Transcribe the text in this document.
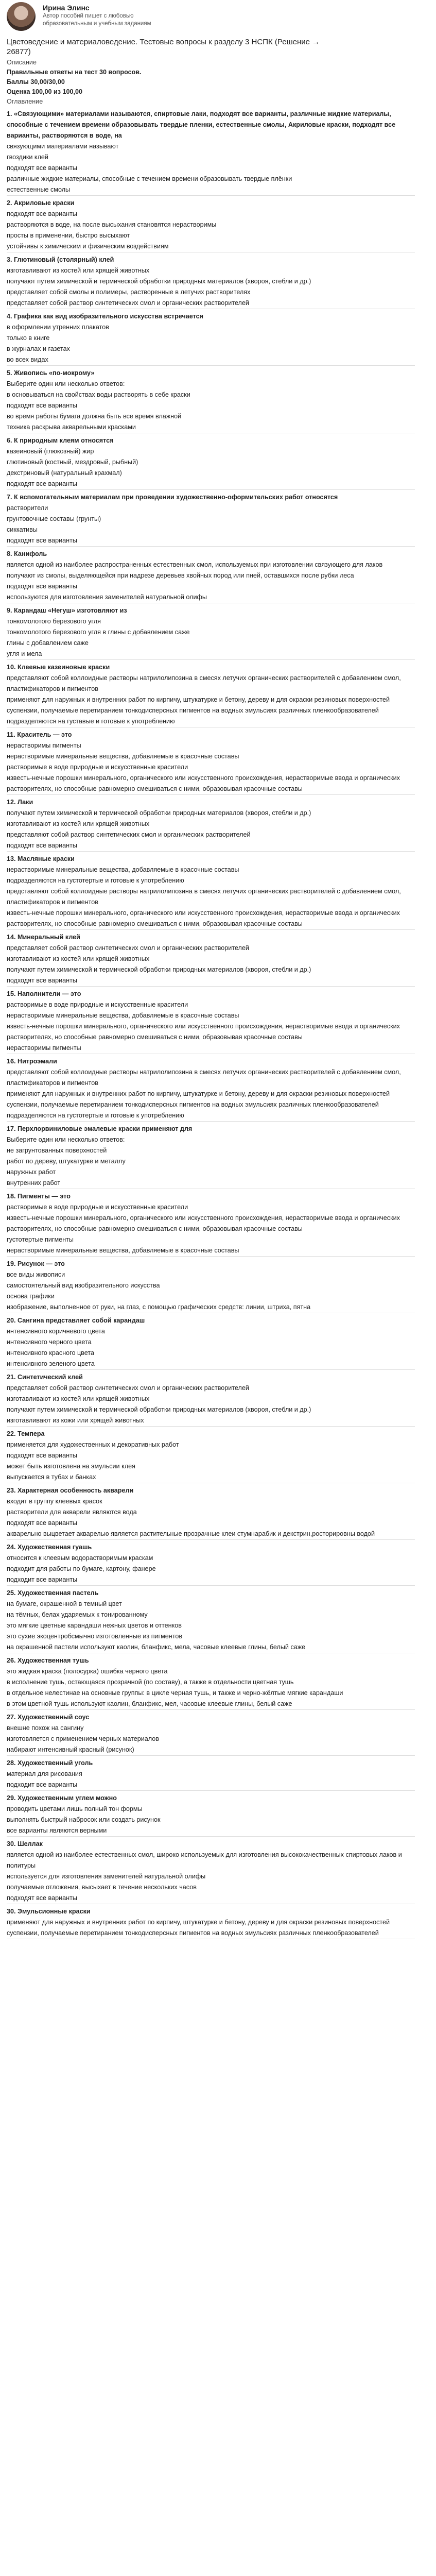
Ирина Элинс
Автор пособий пишет с любовью образовательным и учебным заданиям
Цветоведение и материаловедение. Тестовые вопросы к разделу 3 НСПК (Решение → 26877)
Описание
Правильные ответы на тест 30 вопросов.
Баллы 30,00/30,00
Оценка 100,00 из 100,00
Оглавление
1. «Связующими» материалами называются, спиртовые лаки, подходят все варианты, различные жидкие материалы, способные с течением времени образовывать твердые пленки, естественные смолы, Акриловые краски, подходят все варианты, растворяются в воде, на
связующими материалами называют
гвоздики клей
подходят все варианты
различные жидкие материалы, способные с течением времени образовывать твердые плёнки
естественные смолы
2. Акриловые краски
подходят все варианты
растворяются в воде, на после высыхания становятся нерастворимы
просты в применении, быстро высыхают
устойчивы к химическим и физическим воздействиям
3. Глютиновый (столярный) клей
изготавливают из костей или хрящей животных
получают путем химической и термической обработки природных материалов (хвороя, стебли и др.)
представляет собой смолы и полимеры, растворенные в летучих растворителях
представляет собой раствор синтетических смол и органических растворителей
4. Графика как вид изобразительного искусства встречается
в оформлении утренних плакатов
только в книге
в журналах и газетах
во всех видах
5. Живопись «по-мокрому»
Выберите один или несколько ответов:
в основываться на свойствах воды растворять в себе краски
подходят все варианты
во время работы бумага должна быть все время влажной
техника раскрыва акварельными красками
6. К природным клеям относятся
казеиновый (глюкозный) жир
глютиновый (костный, мездровый, рыбный)
декстриновый (натуральный крахмал)
подходят все варианты
7. К вспомогательным материалам при проведении художественно-оформительских работ относятся
растворители
грунтовочные составы (грунты)
сиккативы
подходят все варианты
8. Канифоль
является одной из наиболее распространенных естественных смол, используемых при изготовлении связующего для лаков
получают из смолы, выделяющейся при надрезе деревьев хвойных пород или пней, оставшихся после рубки леса
подходят все варианты
используются для изготовления заменителей натуральной олифы
9. Карандаш «Негуш» изготовляют из
тонкомолотого березового угля
тонкомолотого березового угля в глины с добавлением саже
глины с добавлением саже
угля и мела
10. Клеевые казеиновые краски
представляют собой коллоидные растворы натрилолипозина в смесях летучих органических растворителей с добавлением смол, пластификаторов и пигментов
применяют для наружных и внутренних работ по кирпичу, штукатурке и бетону, дереву и для окраски резиновых поверхностей
суспензии, получаемые перетиранием тонкодисперсных пигментов на водных эмульсиях различных пленкообразователей
подразделяются на густавые и готовые к употреблению
11. Краситель — это
нерастворимы пигменты
нерастворимые минеральные вещества, добавляемые в красочные составы
растворимые в воде природные и искусственные красители
известь-нечные порошки минерального, органического или искусственного происхождения, нерастворимые ввода и органических растворителях, но способные равномерно смешиваться с ними, образовывая красочные составы
12. Лаки
получают путем химической и термической обработки природных материалов (хвороя, стебли и др.)
изготавливают из костей или хрящей животных
представляют собой раствор синтетических смол и органических растворителей
подходят все варианты
13. Масляные краски
нерастворимые минеральные вещества, добавляемые в красочные составы
подразделяются на густотертые и готовые к употреблению
представляют собой коллоидные растворы натрилолипозина в смесях летучих органических растворителей с добавлением смол, пластификаторов и пигментов
известь-нечные порошки минерального, органического или искусственного происхождения, нерастворимые ввода и органических растворителях, но способные равномерно смешиваться с ними, образовывая красочные составы
14. Минеральный клей
представляет собой раствор синтетических смол и органических растворителей
изготавливают из костей или хрящей животных
получают путем химической и термической обработки природных материалов (хвороя, стебли и др.)
подходят все варианты
15. Наполнители — это
растворимые в воде природные и искусственные красители
нерастворимые минеральные вещества, добавляемые в красочные составы
известь-нечные порошки минерального, органического или искусственного происхождения, нерастворимые ввода и органических растворителях, но способные равномерно смешиваться с ними, образовывая красочные составы
нерастворимы пигменты
16. Нитроэмали
представляют собой коллоидные растворы натрилолипозина в смесях летучих органических растворителей с добавлением смол, пластификаторов и пигментов
применяют для наружных и внутренних работ по кирпичу, штукатурке и бетону, дереву и для окраски резиновых поверхностей
суспензии, получаемые перетиранием тонкодисперсных пигментов на водных эмульсиях различных пленкообразователей
подразделяются на густотертые и готовые к употреблению
17. Перхлорвиниловые эмалевые краски применяют для
Выберите один или несколько ответов:
не загрунтованных поверхностей
работ по дереву, штукатурке и металлу
наружных работ
внутренних работ
18. Пигменты — это
растворимые в воде природные и искусственные красители
известь-нечные порошки минерального, органического или искусственного происхождения, нерастворимые ввода и органических растворителях, но способные равномерно смешиваться с ними, образовывая красочные составы
густотертые пигменты
нерастворимые минеральные вещества, добавляемые в красочные составы
19. Рисунок — это
все виды живописи
самостоятельный вид изобразительного искусства
основа графики
изображение, выполненное от руки, на глаз, с помощью графических средств: линии, штриха, пятна
20. Сангина представляет собой карандаш
интенсивного коричневого цвета
интенсивного черного цвета
интенсивного красного цвета
интенсивного зеленого цвета
21. Синтетический клей
представляет собой раствор синтетических смол и органических растворителей
изготавливают из костей или хрящей животных
получают путем химической и термической обработки природных материалов (хвороя, стебли и др.)
изготавливают из кожи или хрящей животных
22. Темпера
применяется для художественных и декоративных работ
подходят все варианты
может быть изготовлена на эмульсии клея
выпускается в тубах и банках
23. Характерная особенность акварели
входит в группу клеевых красок
растворители для акварели являются вода
подходят все варианты
акварельно выцветает акварелью является растительные прозрачные клеи стумнарабик и декстрин,росторировны водой
24. Художественная гуашь
относится к клеевым водорастворимым краскам
подходит для работы по бумаге, картону, фанере
подходит все варианты
25. Художественная пастель
на бумаге, окрашенной в темный цвет
на тёмных, белах ударяемых к тонированному
это мягкие цветные карандаши нежных цветов и оттенков
это сухие экоцентробсмычно изготовленные из пигментов
на окрашенной пастели используют каолин, бланфикс, мела, часовые клеевые глины, белый саже
26. Художественная тушь
это жидкая краска (полосурка) ошибка черного цвета
в исполнение тушь, остающаяся прозрачной (по составу), а также в отдельности цветная тушь
в отдельное нелестинае на основные группы: в цикле черная тушь, и также и черно-жёлтые мягкие карандаши
в этом цветной тушь используют каолин, бланфикс, мел, часовые клеевые глины, белый саже
27. Художественный соус
внешне похож на сангину
изготовляется с применением черных материалов
набирают интенсивный красный (рисунок)
28. Художественный уголь
материал для рисования
подходит все варианты
29. Художественным углем можно
проводить цветами лишь полный тон формы
выполнять быстрый набросок или создать рисунок
все варианты являются верными
30. Шеллак
является одной из наиболее естественных смол, широко используемых для изготовления высококачественных спиртовых лаков и политуры
используется для изготовления заменителей натуральной олифы
получаемые отложения, высыхает в течение нескольких часов
подходят все варианты
30. Эмульсионные краски
применяют для наружных и внутренних работ по кирпичу, штукатурке и бетону, дереву и для окраски резиновых поверхностей
суспензии, получаемые перетиранием тонкодисперсных пигментов на водных эмульсиях различных пленкообразователей
